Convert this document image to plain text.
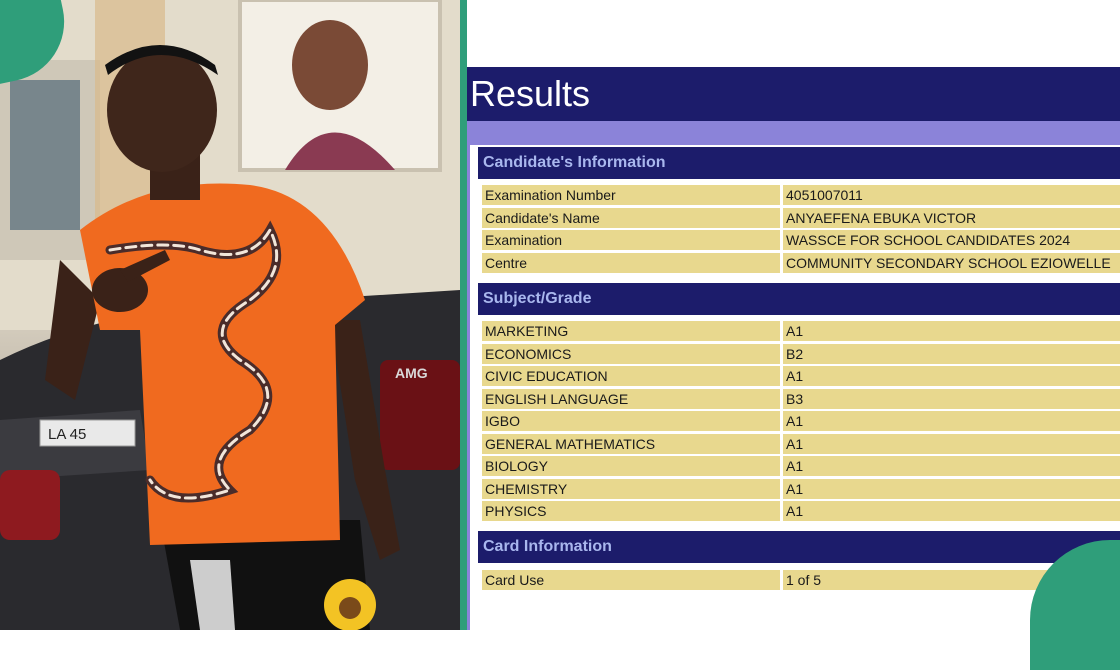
LA 45
AMG
Results
Candidate's Information
Examination Number	4051007011
Candidate's Name	ANYAEFENA EBUKA VICTOR
Examination	WASSCE FOR SCHOOL CANDIDATES 2024
Centre	COMMUNITY SECONDARY SCHOOL EZIOWELLE
Subject/Grade
MARKETING	A1
ECONOMICS	B2
CIVIC EDUCATION	A1
ENGLISH LANGUAGE	B3
IGBO	A1
GENERAL MATHEMATICS	A1
BIOLOGY	A1
CHEMISTRY	A1
PHYSICS	A1
Card Information
Card Use	1 of 5
